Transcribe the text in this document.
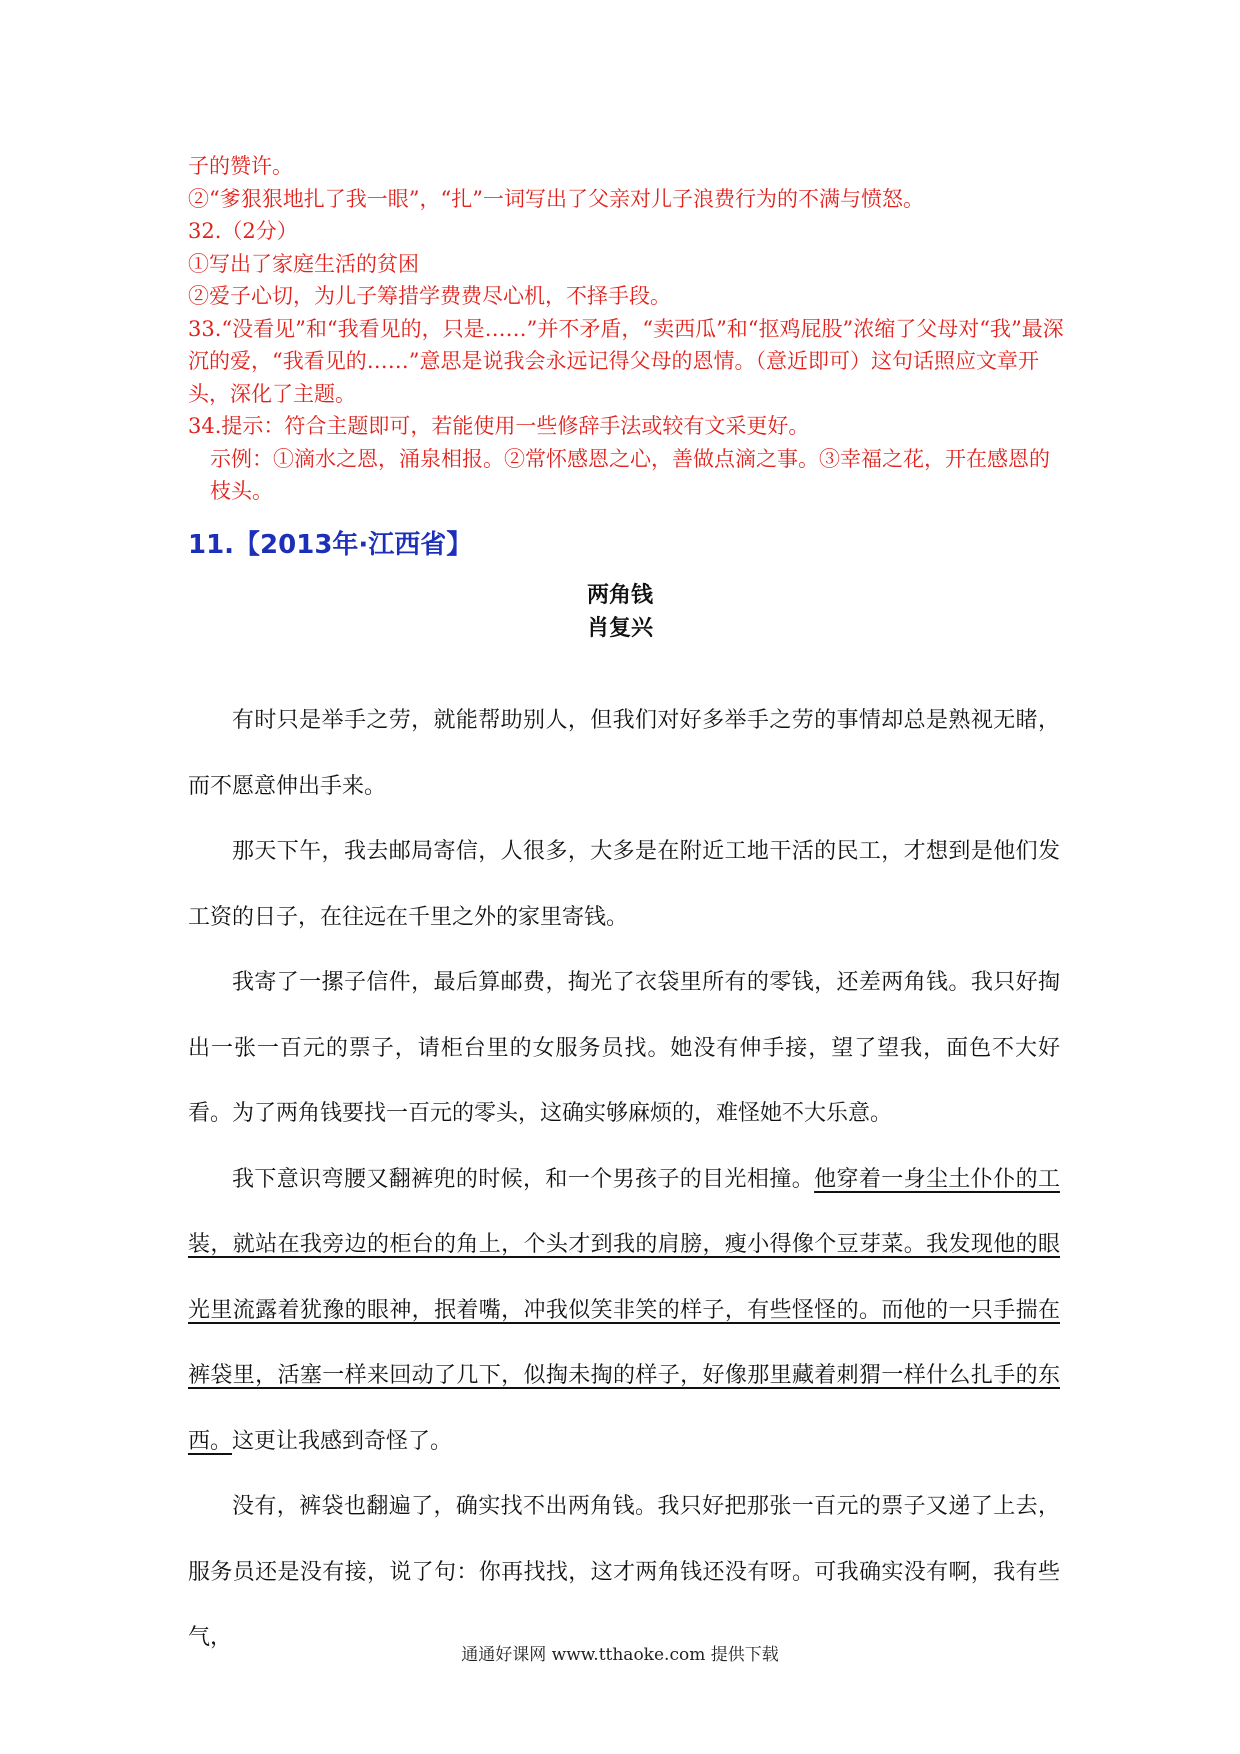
子的赞许。

②“爹狠狠地扎了我一眼”，“扎”一词写出了父亲对儿子浪费行为的不满与愤怒。

32.（2分）

①写出了家庭生活的贫困

②爱子心切，为儿子筹措学费费尽心机，不择手段。

33.“没看见”和“我看见的，只是……”并不矛盾，“卖西瓜”和“抠鸡屁股”浓缩了父母对“我”最深沉的爱，“我看见的……”意思是说我会永远记得父母的恩情。（意近即可）这句话照应文章开头，深化了主题。

34.提示：符合主题即可，若能使用一些修辞手法或较有文采更好。

示例：①滴水之恩，涌泉相报。②常怀感恩之心，善做点滴之事。③幸福之花，开在感恩的枝头。

11.【2013年·江西省】
两角钱
肖复兴

有时只是举手之劳，就能帮助别人，但我们对好多举手之劳的事情却总是熟视无睹，而不愿意伸出手来。

那天下午，我去邮局寄信，人很多，大多是在附近工地干活的民工，才想到是他们发工资的日子，在往远在千里之外的家里寄钱。

我寄了一摞子信件，最后算邮费，掏光了衣袋里所有的零钱，还差两角钱。我只好掏出一张一百元的票子，请柜台里的女服务员找。她没有伸手接，望了望我，面色不大好看。为了两角钱要找一百元的零头，这确实够麻烦的，难怪她不大乐意。

我下意识弯腰又翻裤兜的时候，和一个男孩子的目光相撞。他穿着一身尘土仆仆的工装，就站在我旁边的柜台的角上，个头才到我的肩膀，瘦小得像个豆芽菜。我发现他的眼光里流露着犹豫的眼神，抿着嘴，冲我似笑非笑的样子，有些怪怪的。而他的一只手揣在裤袋里，活塞一样来回动了几下，似掏未掏的样子，好像那里藏着刺猬一样什么扎手的东西。这更让我感到奇怪了。

没有，裤袋也翻遍了，确实找不出两角钱。我只好把那张一百元的票子又递了上去，服务员还是没有接，说了句：你再找找，这才两角钱还没有呀。可我确实没有啊，我有些气，

通通好课网 www.tthaoke.com 提供下载
